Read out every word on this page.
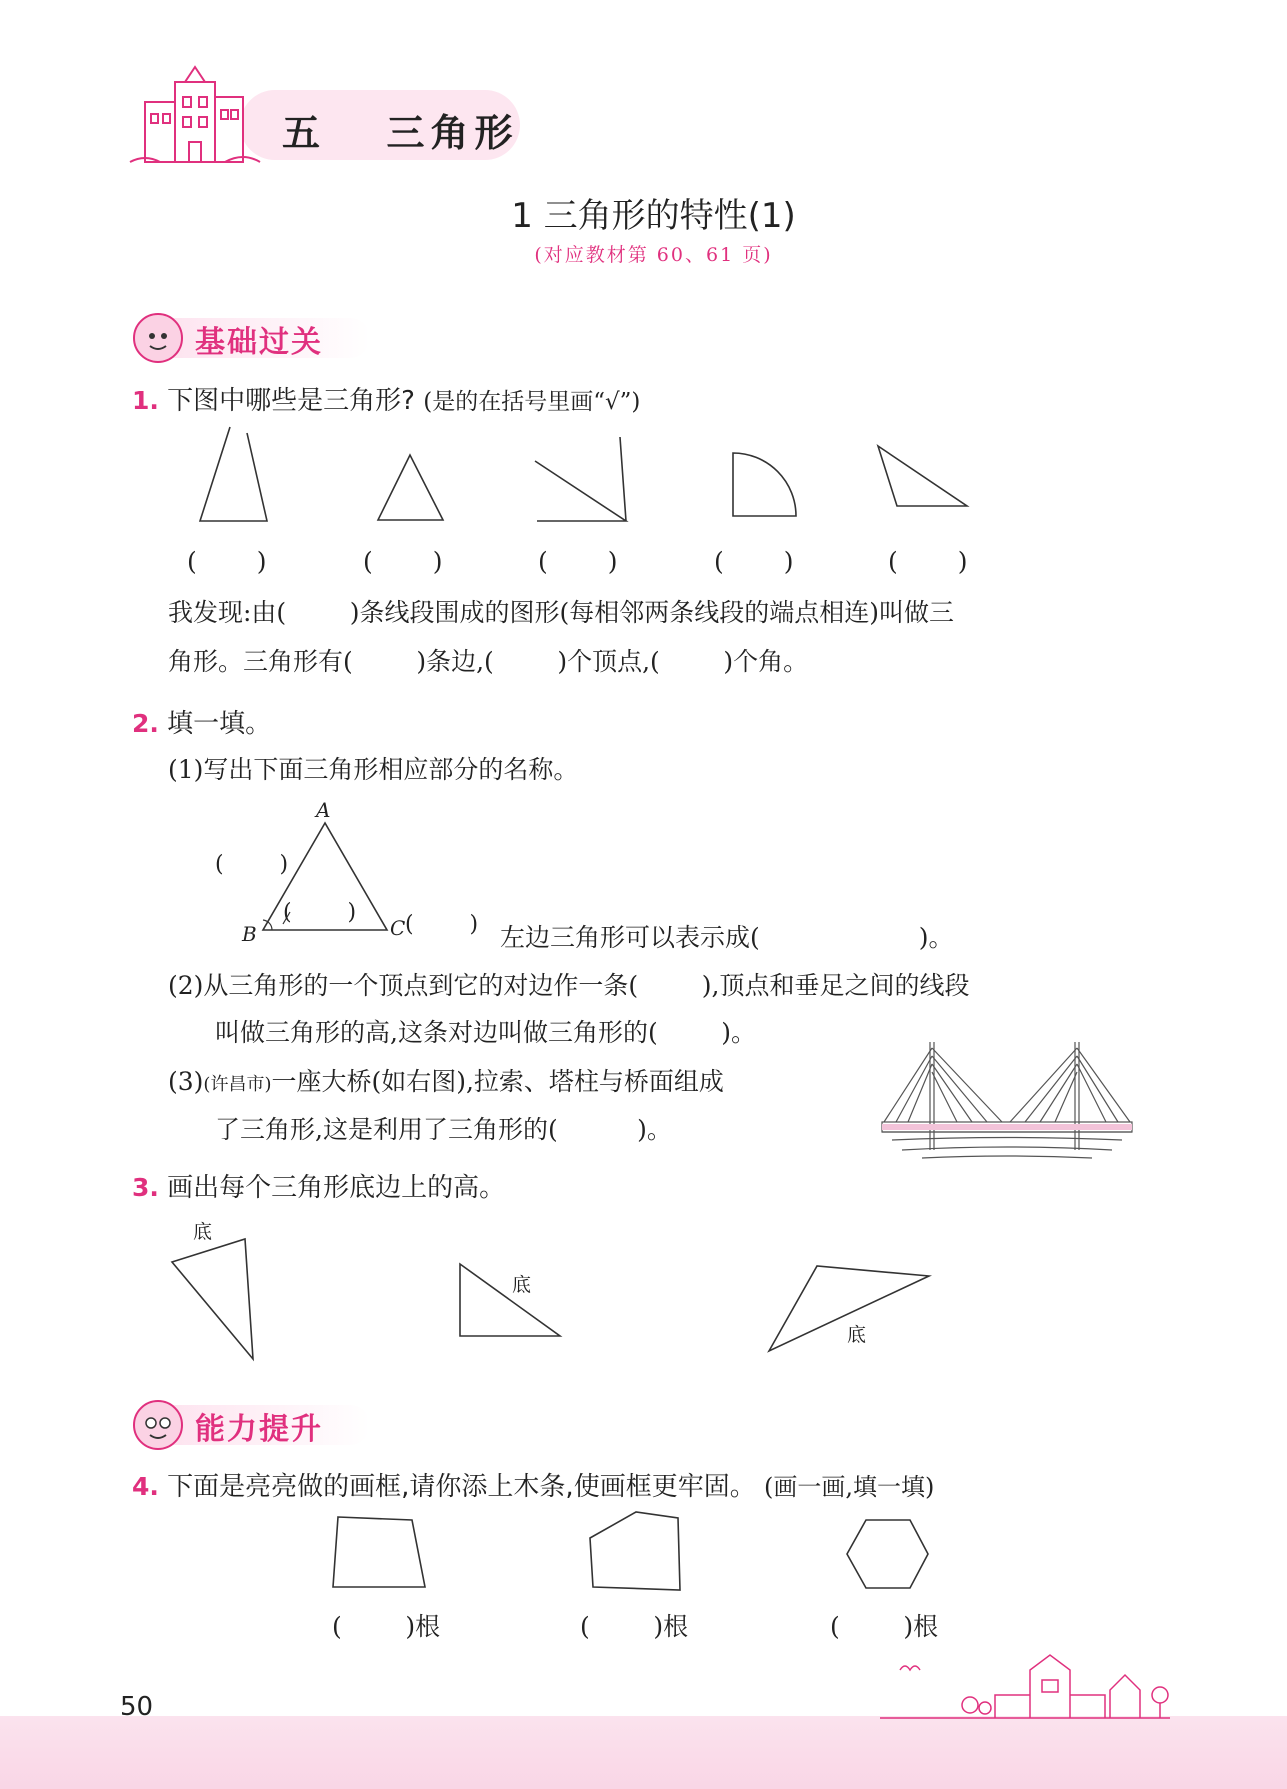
五 三角形
1 三角形的特性(1)
(对应教材第 60、61 页)
基础过关
1. 下图中哪些是三角形? (是的在括号里画“√”)
( )	( )	( )	( )	( )
我发现:由(        )条线段围成的图形(每相邻两条线段的端点相连)叫做三
角形。三角形有(        )条边,(        )个顶点,(        )个角。
2. 填一填。
(1)写出下面三角形相应部分的名称。
A
B	C
(        )
(        ) (        ) 左边三角形可以表示成(                    )。
(2)从三角形的一个顶点到它的对边作一条(        ),顶点和垂足之间的线段
叫做三角形的高,这条对边叫做三角形的(        )。
(3)(许昌市)一座大桥(如右图),拉索、塔柱与桥面组成
了三角形,这是利用了三角形的(          )。
3. 画出每个三角形底边上的高。
底
底
底
能力提升
4. 下面是亮亮做的画框,请你添上木条,使画框更牢固。 (画一画,填一填)
(        )根	(        )根	(        )根
50
